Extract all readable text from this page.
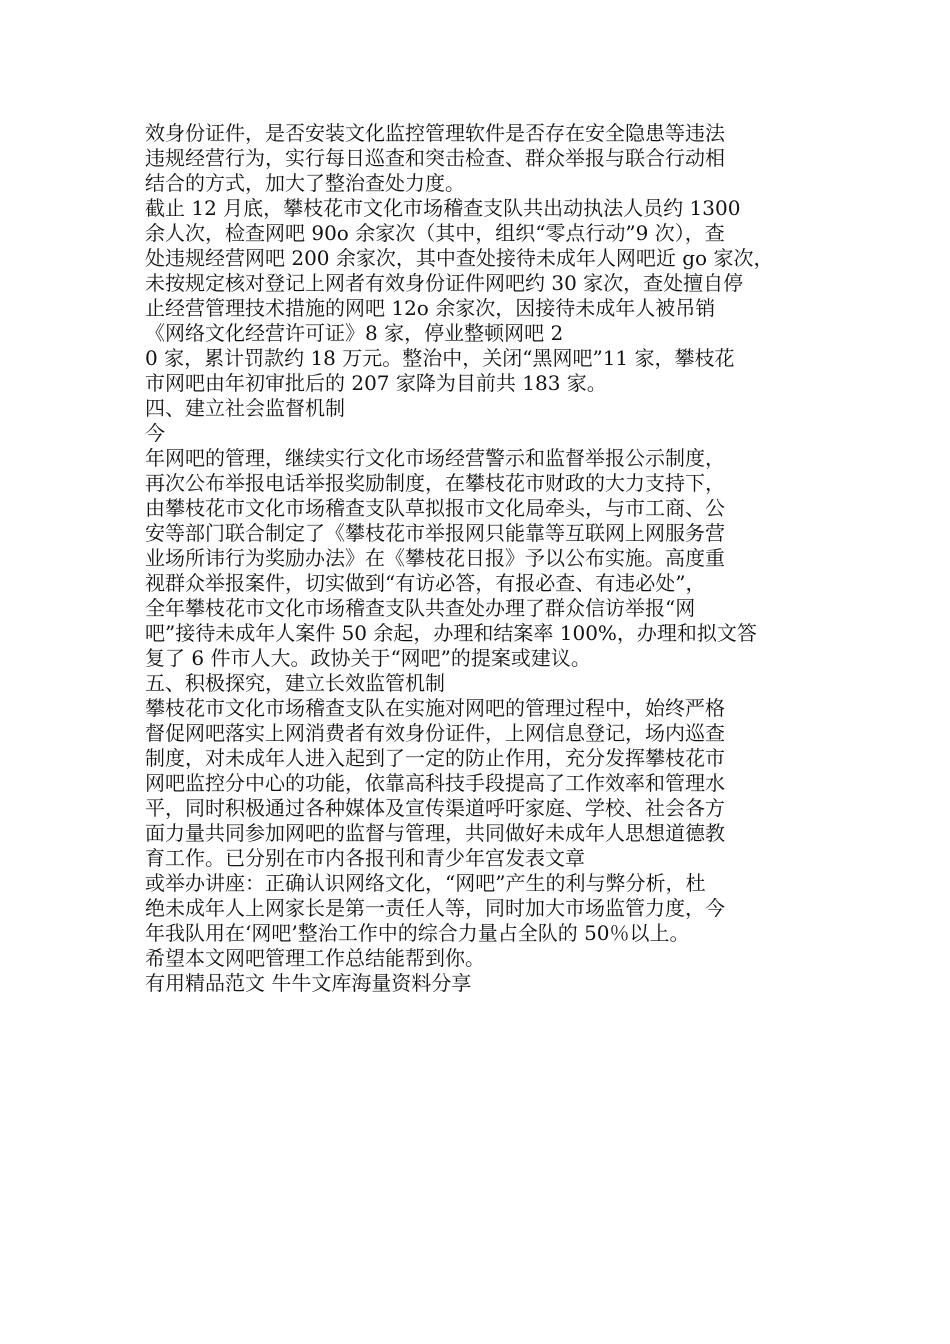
效身份证件，是否安装文化监控管理软件是否存在安全隐患等违法
违规经营行为，实行每日巡查和突击检查、群众举报与联合行动相
结合的方式，加大了整治查处力度。
截止 12 月底，攀枝花市文化市场稽查支队共出动执法人员约 1300
余人次，检查网吧 90o 余家次（其中，组织“零点行动”9 次），查
处违规经营网吧 200 余家次，其中查处接待未成年人网吧近 go 家次，
未按规定核对登记上网者有效身份证件网吧约 30 家次，查处擅自停
止经营管理技术措施的网吧 12o 余家次，因接待未成年人被吊销
《网络文化经营许可证》8 家，停业整顿网吧 2
0 家，累计罚款约 18 万元。整治中，关闭“黑网吧”11 家，攀枝花
市网吧由年初审批后的 207 家降为目前共 183 家。
四、建立社会监督机制
今
年网吧的管理，继续实行文化市场经营警示和监督举报公示制度，
再次公布举报电话举报奖励制度，在攀枝花市财政的大力支持下，
由攀枝花市文化市场稽查支队草拟报市文化局牵头，与市工商、公
安等部门联合制定了《攀枝花市举报网只能靠等互联网上网服务营
业场所讳行为奖励办法》在《攀枝花日报》予以公布实施。高度重
视群众举报案件，切实做到“有访必答，有报必查、有违必处”，
全年攀枝花市文化市场稽查支队共查处办理了群众信访举报“网
吧”接待未成年人案件 50 余起，办理和结案率 100%，办理和拟文答
复了 6 件市人大。政协关于“网吧”的提案或建议。
五、积极探究，建立长效监管机制
攀枝花市文化市场稽查支队在实施对网吧的管理过程中，始终严格
督促网吧落实上网消费者有效身份证件，上网信息登记，场内巡查
制度，对未成年人进入起到了一定的防止作用，充分发挥攀枝花市
网吧监控分中心的功能，依靠高科技手段提高了工作效率和管理水
平，同时积极通过各种媒体及宣传渠道呼吁家庭、学校、社会各方
面力量共同参加网吧的监督与管理，共同做好未成年人思想道德教
育工作。已分别在市内各报刊和青少年宫发表文章
或举办讲座：正确认识网络文化，“网吧”产生的利与弊分析，杜
绝未成年人上网家长是第一责任人等，同时加大市场监管力度，今
年我队用在‘网吧’整治工作中的综合力量占全队的 50％以上。
希望本文网吧管理工作总结能帮到你。
有用精品范文 牛牛文库海量资料分享
